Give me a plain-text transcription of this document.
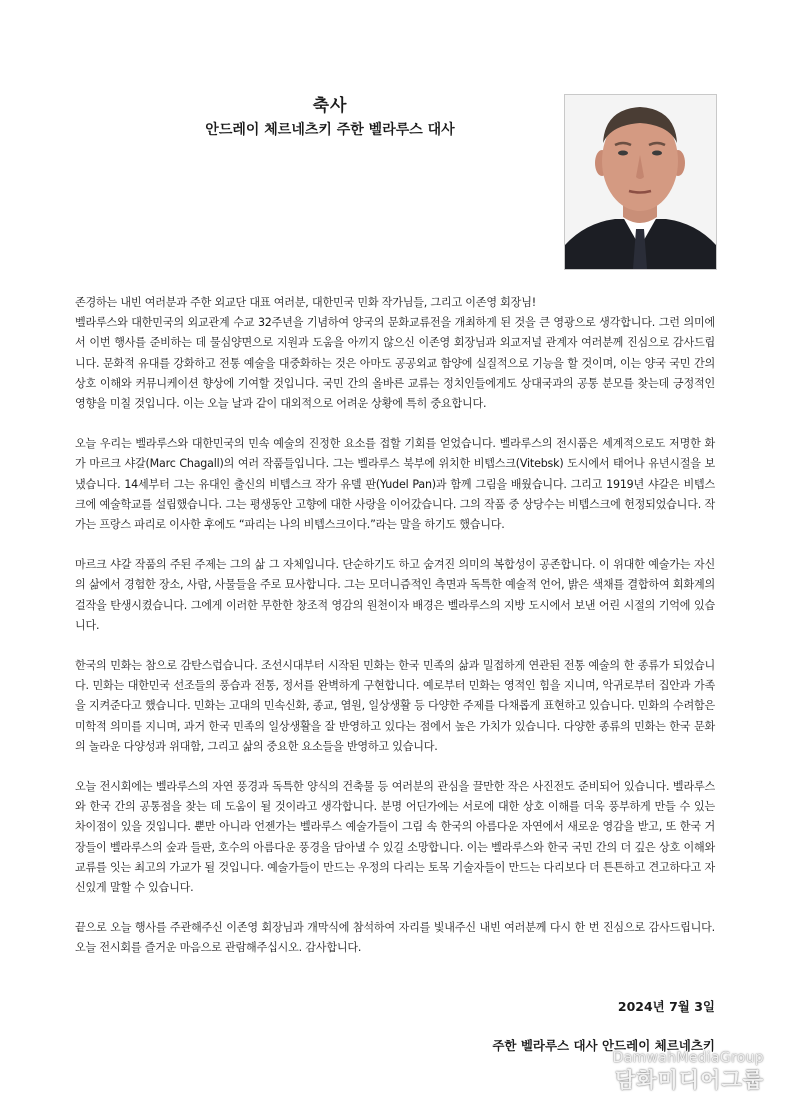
축사
안드레이 체르네츠키 주한 벨라루스 대사

존경하는 내빈 여러분과 주한 외교단 대표 여러분, 대한민국 민화 작가님들, 그리고 이존영 회장님!

벨라루스와 대한민국의 외교관계 수교 32주년을 기념하여 양국의 문화교류전을 개최하게 된 것을 큰 영광으로 생각합니다. 그런 의미에서 이번 행사를 준비하는 데 물심양면으로 지원과 도움을 아끼지 않으신 이존영 회장님과 외교저널 관계자 여러분께 진심으로 감사드립니다. 문화적 유대를 강화하고 전통 예술을 대중화하는 것은 아마도 공공외교 함양에 실질적으로 기능을 할 것이며, 이는 양국 국민 간의 상호 이해와 커뮤니케이션 향상에 기여할 것입니다. 국민 간의 올바른 교류는 정치인들에게도 상대국과의 공통 분모를 찾는데 긍정적인 영향을 미칠 것입니다. 이는 오늘 날과 같이 대외적으로 어려운 상황에 특히 중요합니다.

오늘 우리는 벨라루스와 대한민국의 민속 예술의 진정한 요소를 접할 기회를 얻었습니다. 벨라루스의 전시품은 세계적으로도 저명한 화가 마르크 샤갈(Marc Chagall)의 여러 작품들입니다. 그는 벨라루스 북부에 위치한 비텝스크(Vitebsk) 도시에서 태어나 유년시절을 보냈습니다. 14세부터 그는 유대인 출신의 비텝스크 작가 유델 판(Yudel Pan)과 함께 그림을 배웠습니다. 그리고 1919년 샤갈은 비텝스크에 예술학교를 설립했습니다. 그는 평생동안 고향에 대한 사랑을 이어갔습니다. 그의 작품 중 상당수는 비텝스크에 헌정되었습니다. 작가는 프랑스 파리로 이사한 후에도 “파리는 나의 비텝스크이다.”라는 말을 하기도 했습니다.

마르크 샤갈 작품의 주된 주제는 그의 삶 그 자체입니다. 단순하기도 하고 숨겨진 의미의 복합성이 공존합니다. 이 위대한 예술가는 자신의 삶에서 경험한 장소, 사람, 사물들을 주로 묘사합니다. 그는 모더니즘적인 측면과 독특한 예술적 언어, 밝은 색채를 결합하여 회화계의 걸작을 탄생시켰습니다. 그에게 이러한 무한한 창조적 영감의 원천이자 배경은 벨라루스의 지방 도시에서 보낸 어린 시절의 기억에 있습니다.

한국의 민화는 참으로 감탄스럽습니다. 조선시대부터 시작된 민화는 한국 민족의 삶과 밀접하게 연관된 전통 예술의 한 종류가 되었습니다. 민화는 대한민국 선조들의 풍습과 전통, 정서를 완벽하게 구현합니다. 예로부터 민화는 영적인 힘을 지니며, 악귀로부터 집안과 가족을 지켜준다고 했습니다. 민화는 고대의 민속신화, 종교, 염원, 일상생활 등 다양한 주제를 다채롭게 표현하고 있습니다. 민화의 수려함은 미학적 의미를 지니며, 과거 한국 민족의 일상생활을 잘 반영하고 있다는 점에서 높은 가치가 있습니다. 다양한 종류의 민화는 한국 문화의 놀라운 다양성과 위대함, 그리고 삶의 중요한 요소들을 반영하고 있습니다.

오늘 전시회에는 벨라루스의 자연 풍경과 독특한 양식의 건축물 등 여러분의 관심을 끌만한 작은 사진전도 준비되어 있습니다. 벨라루스와 한국 간의 공통점을 찾는 데 도움이 될 것이라고 생각합니다. 분명 어딘가에는 서로에 대한 상호 이해를 더욱 풍부하게 만들 수 있는 차이점이 있을 것입니다. 뿐만 아니라 언젠가는 벨라루스 예술가들이 그림 속 한국의 아름다운 자연에서 새로운 영감을 받고, 또 한국 거장들이 벨라루스의 숲과 들판, 호수의 아름다운 풍경을 담아낼 수 있길 소망합니다. 이는 벨라루스와 한국 국민 간의 더 깊은 상호 이해와 교류를 잇는 최고의 가교가 될 것입니다. 예술가들이 만드는 우정의 다리는 토목 기술자들이 만드는 다리보다 더 튼튼하고 견고하다고 자신있게 말할 수 있습니다.

끝으로 오늘 행사를 주관해주신 이존영 회장님과 개막식에 참석하여 자리를 빛내주신 내빈 여러분께 다시 한 번 진심으로 감사드립니다. 오늘 전시회를 즐거운 마음으로 관람해주십시오. 감사합니다.

2024년 7월 3일
주한 벨라루스 대사 안드레이 체르네츠키
DamwahMediaGroup
담화미디어그룹
